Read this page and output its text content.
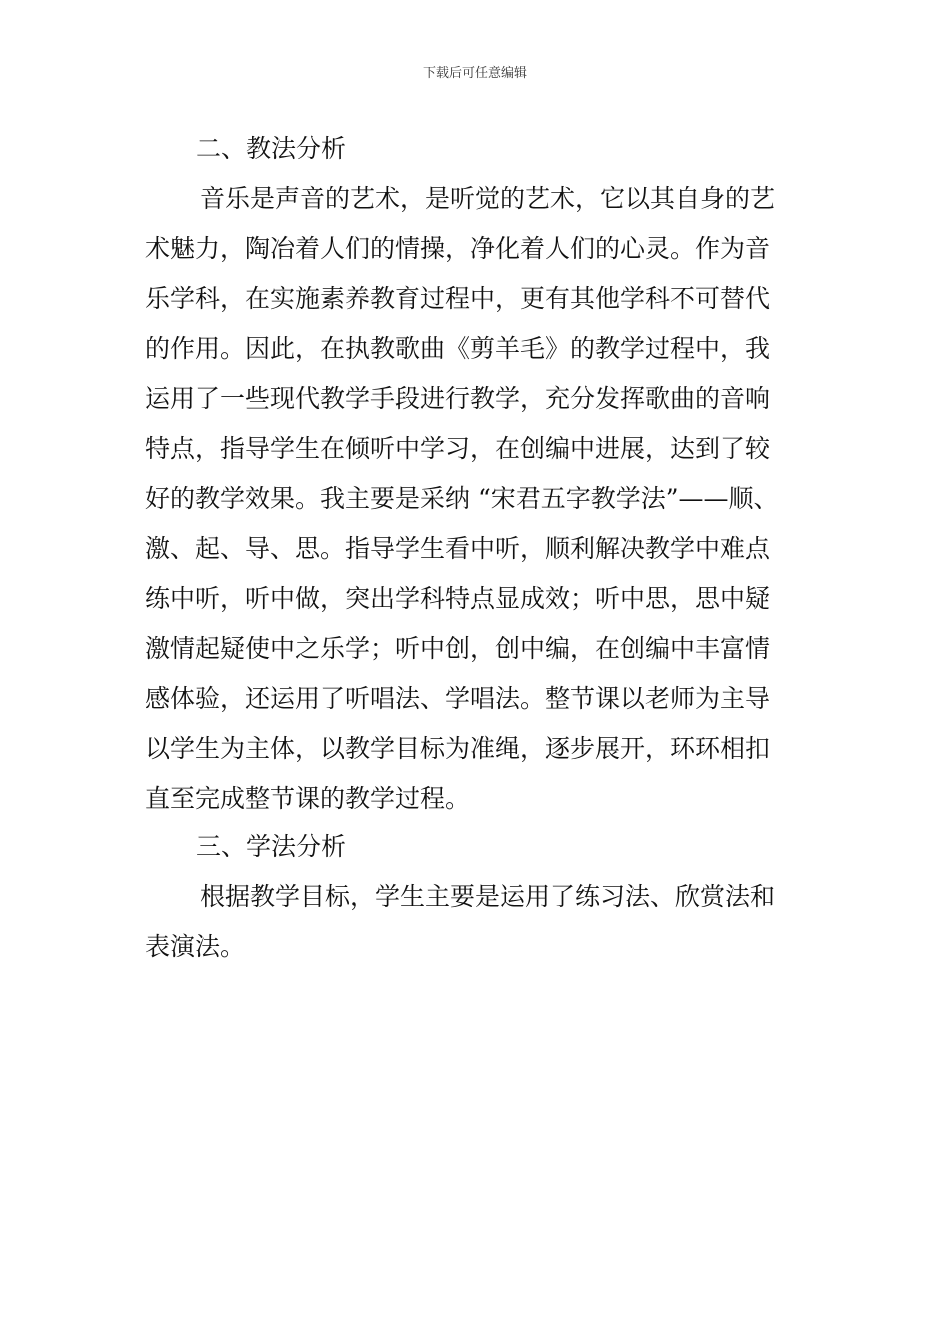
下载后可任意编辑
二、教法分析
音乐是声音的艺术，是听觉的艺术，它以其自身的艺
术魅力，陶冶着人们的情操，净化着人们的心灵。作为音
乐学科，在实施素养教育过程中，更有其他学科不可替代
的作用。因此，在执教歌曲《剪羊毛》的教学过程中，我
运用了一些现代教学手段进行教学，充分发挥歌曲的音响
特点，指导学生在倾听中学习，在创编中进展，达到了较
好的教学效果。我主要是采纳 “宋君五字教学法”——顺、
激、起、导、思。指导学生看中听，顺利解决教学中难点
练中听，听中做，突出学科特点显成效；听中思，思中疑
激情起疑使中之乐学；听中创，创中编，在创编中丰富情
感体验，还运用了听唱法、学唱法。整节课以老师为主导
以学生为主体，以教学目标为准绳，逐步展开，环环相扣
直至完成整节课的教学过程。
三、学法分析
根据教学目标，学生主要是运用了练习法、欣赏法和
表演法。
